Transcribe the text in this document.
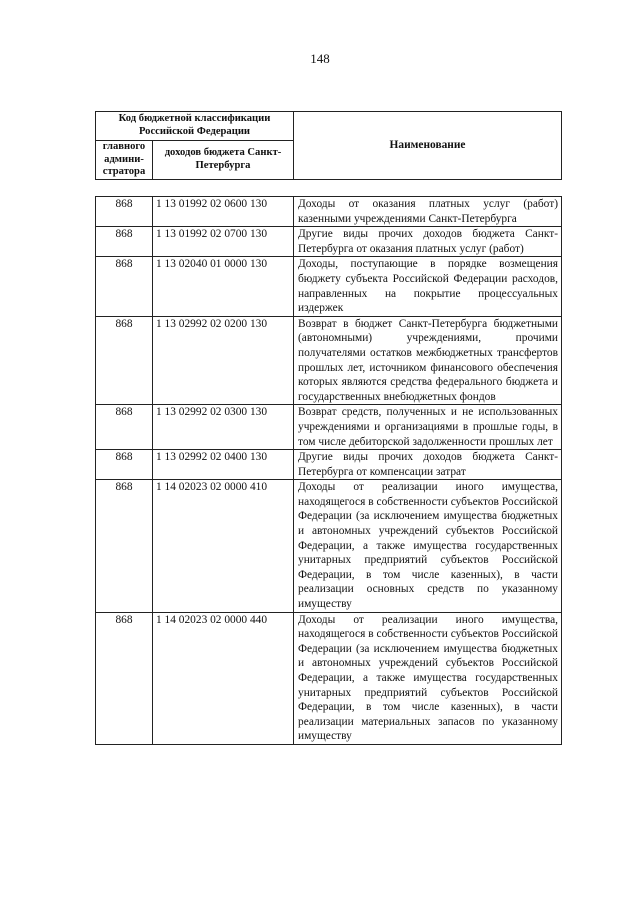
148
Код бюджетной классификации Российской Федерации		Наименование
главного админи-стратора	доходов бюджета Санкт-Петербурга	
868	1 13 01992 02 0600 130	Доходы от оказания платных услуг (работ) казенными учреждениями Санкт-Петербурга
868	1 13 01992 02 0700 130	Другие виды прочих доходов бюджета Санкт-Петербурга от оказания платных услуг (работ)
868	1 13 02040 01 0000 130	Доходы, поступающие в порядке возмещения бюджету субъекта Российской Федерации расходов, направленных на покрытие процессуальных издержек
868	1 13 02992 02 0200 130	Возврат в бюджет Санкт-Петербурга бюджетными (автономными) учреждениями, прочими получателями остатков межбюджетных трансфертов прошлых лет, источником финансового обеспечения которых являются средства федерального бюджета и государственных внебюджетных фондов
868	1 13 02992 02 0300 130	Возврат средств, полученных и не использованных учреждениями и организациями в прошлые годы, в том числе дебиторской задолженности прошлых лет
868	1 13 02992 02 0400 130	Другие виды прочих доходов бюджета Санкт-Петербурга от компенсации затрат
868	1 14 02023 02 0000 410	Доходы от реализации иного имущества, находящегося в собственности субъектов Российской Федерации (за исключением имущества бюджетных и автономных учреждений субъектов Российской Федерации, а также имущества государственных унитарных предприятий субъектов Российской Федерации, в том числе казенных), в части реализации основных средств по указанному имуществу
868	1 14 02023 02 0000 440	Доходы от реализации иного имущества, находящегося в собственности субъектов Российской Федерации (за исключением имущества бюджетных и автономных учреждений субъектов Российской Федерации, а также имущества государственных унитарных предприятий субъектов Российской Федерации, в том числе казенных), в части реализации материальных запасов по указанному имуществу
